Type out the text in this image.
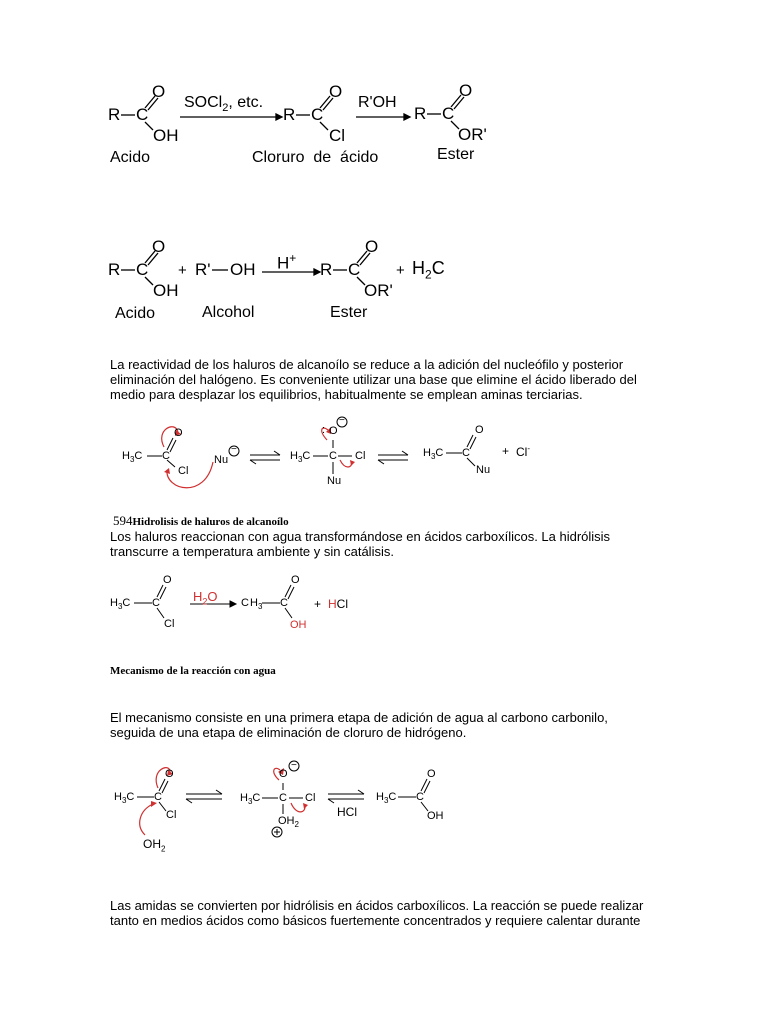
R C
O
OH
SOCl$_2$, etc.
R C
O
Cl
R'OH
R C
O
OR'
Acido	Cloruro  de  ácido	Ester
R C
O
OH
+ R' OH H+
R C
O
OR'
+ $H_2C$
Acido	Alcohol	Ester
La reactividad de los haluros de alcanoílo se reduce a la adición del nucleófilo y posterior eliminación del halógeno. Es conveniente utilizar una base que elimine el ácido liberado del medio para desplazar los equilibrios, habitualmente se emplean aminas terciarias.
$H_3C$ C
O
Cl
Nu
−
$H_3C$ C
O
:
−
Cl
Nu
$H_3C$ C
O
Nu
+ Cl-
594Hidrolisis de haluros de alcanoílo
Los haluros reaccionan con agua transformándose en ácidos carboxílicos. La hidrólisis transcurre a temperatura ambiente y sin catálisis.
$H_3C$ C
O
Cl
$H_2O$ C $H_3$ C
O
OH
+ HCl
Mecanismo de la reacción con agua
El mecanismo consiste en una primera etapa de adición de agua al carbono carbonilo, seguida de una etapa de eliminación de cloruro de hidrógeno.
$H_3C$ C
O
Cl
$OH_2$
$H_3C$ C
O
−
Cl
$OH_2$
HCl
$H_3C$ C
O
OH
Las amidas se convierten por hidrólisis en ácidos carboxílicos. La reacción se puede realizar tanto en medios ácidos como básicos fuertemente concentrados y requiere calentar durante
